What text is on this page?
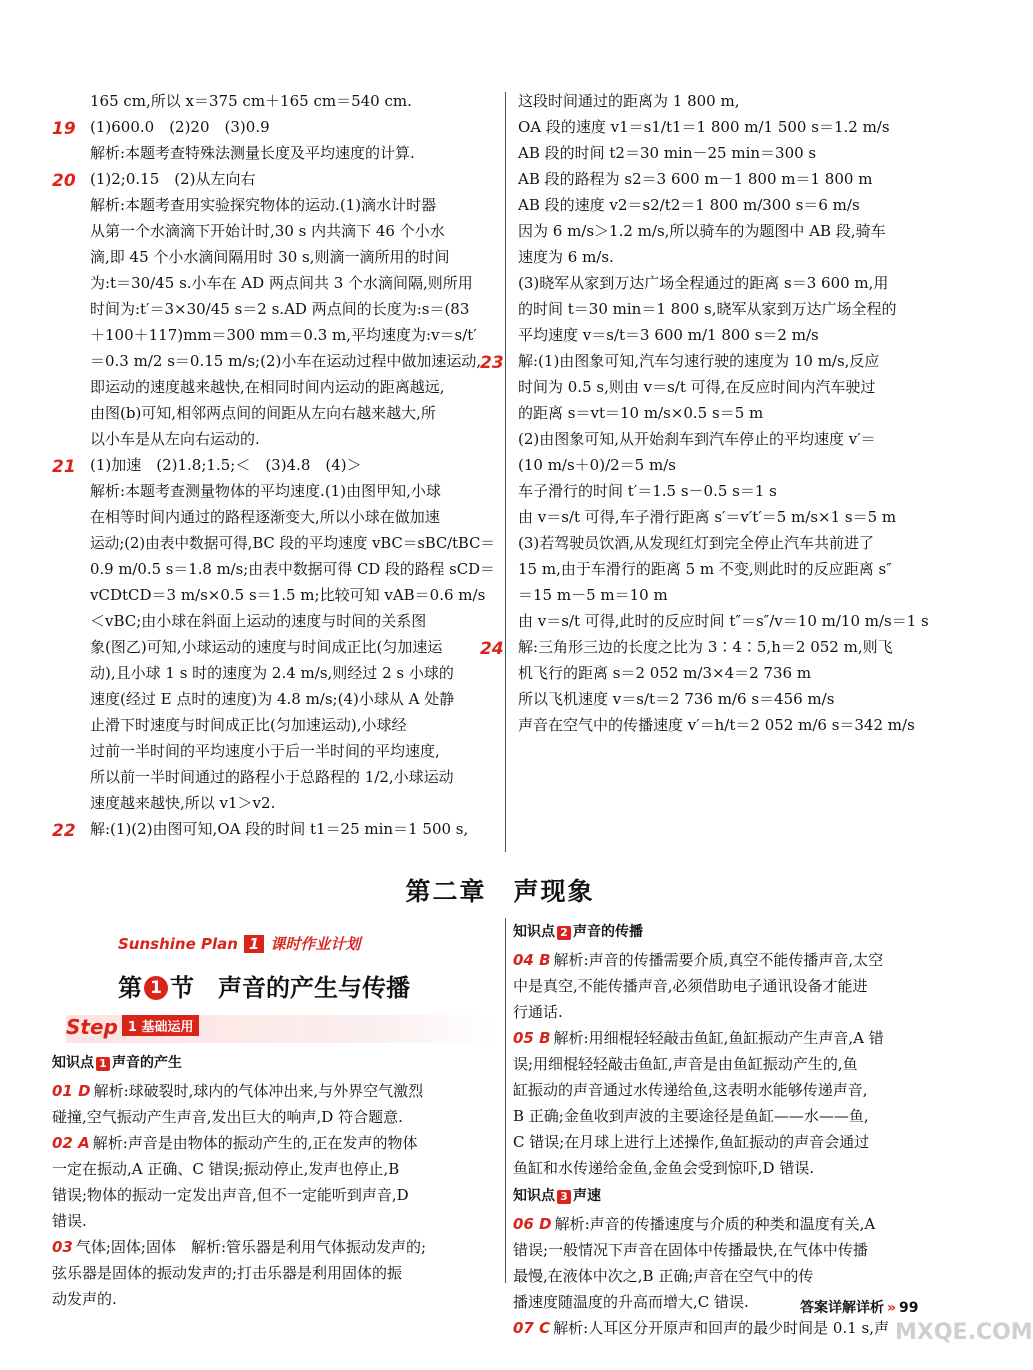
165 cm,所以 x＝375 cm＋165 cm＝540 cm.
19 (1)600.0　(2)20　(3)0.9
解析:本题考查特殊法测量长度及平均速度的计算.
20 (1)2;0.15　(2)从左向右
解析:本题考查用实验探究物体的运动.(1)滴水计时器
从第一个水滴滴下开始计时,30 s 内共滴下 46 个小水
滴,即 45 个小水滴间隔用时 30 s,则滴一滴所用的时间
为:t＝30/45 s.小车在 AD 两点间共 3 个水滴间隔,则所用
时间为:t′＝3×30/45 s＝2 s.AD 两点间的长度为:s＝(83
＋100＋117)mm＝300 mm＝0.3 m,平均速度为:v＝s/t′
＝0.3 m/2 s＝0.15 m/s;(2)小车在运动过程中做加速运动,
即运动的速度越来越快,在相同时间内运动的距离越远,
由图(b)可知,相邻两点间的间距从左向右越来越大,所
以小车是从左向右运动的.
21 (1)加速　(2)1.8;1.5;＜　(3)4.8　(4)＞
解析:本题考查测量物体的平均速度.(1)由图甲知,小球
在相等时间内通过的路程逐渐变大,所以小球在做加速
运动;(2)由表中数据可得,BC 段的平均速度 vBC＝sBC/tBC＝
0.9 m/0.5 s＝1.8 m/s;由表中数据可得 CD 段的路程 sCD＝
vCDtCD＝3 m/s×0.5 s＝1.5 m;比较可知 vAB＝0.6 m/s
＜vBC;由小球在斜面上运动的速度与时间的关系图
象(图乙)可知,小球运动的速度与时间成正比(匀加速运
动),且小球 1 s 时的速度为 2.4 m/s,则经过 2 s 小球的
速度(经过 E 点时的速度)为 4.8 m/s;(4)小球从 A 处静
止滑下时速度与时间成正比(匀加速运动),小球经
过前一半时间的平均速度小于后一半时间的平均速度,
所以前一半时间通过的路程小于总路程的 1/2,小球运动
速度越来越快,所以 v1＞v2.
22 解:(1)(2)由图可知,OA 段的时间 t1＝25 min＝1 500 s,
这段时间通过的距离为 1 800 m,
OA 段的速度 v1＝s1/t1＝1 800 m/1 500 s＝1.2 m/s
AB 段的时间 t2＝30 min－25 min＝300 s
AB 段的路程为 s2＝3 600 m－1 800 m＝1 800 m
AB 段的速度 v2＝s2/t2＝1 800 m/300 s＝6 m/s
因为 6 m/s＞1.2 m/s,所以骑车的为题图中 AB 段,骑车
速度为 6 m/s.
(3)晓军从家到万达广场全程通过的距离 s＝3 600 m,用
的时间 t＝30 min＝1 800 s,晓军从家到万达广场全程的
平均速度 v＝s/t＝3 600 m/1 800 s＝2 m/s
23 解:(1)由图象可知,汽车匀速行驶的速度为 10 m/s,反应
时间为 0.5 s,则由 v＝s/t 可得,在反应时间内汽车驶过
的距离 s＝vt＝10 m/s×0.5 s＝5 m
(2)由图象可知,从开始刹车到汽车停止的平均速度 v′＝
(10 m/s＋0)/2＝5 m/s
车子滑行的时间 t′＝1.5 s－0.5 s＝1 s
由 v＝s/t 可得,车子滑行距离 s′＝v′t′＝5 m/s×1 s＝5 m
(3)若驾驶员饮酒,从发现红灯到完全停止汽车共前进了
15 m,由于车滑行的距离 5 m 不变,则此时的反应距离 s″
＝15 m－5 m＝10 m
由 v＝s/t 可得,此时的反应时间 t″＝s″/v＝10 m/10 m/s＝1 s
24 解:三角形三边的长度之比为 3∶4∶5,h＝2 052 m,则飞
机飞行的距离 s＝2 052 m/3×4＝2 736 m
所以飞机速度 v＝s/t＝2 736 m/6 s＝456 m/s
声音在空气中的传播速度 v′＝h/t＝2 052 m/6 s＝342 m/s
第二章　声现象
Sunshine Plan 1 课时作业计划
第 1 节　声音的产生与传播
Step 1 基础运用
知识点 1 声音的产生
01 D 解析:球破裂时,球内的气体冲出来,与外界空气激烈
碰撞,空气振动产生声音,发出巨大的响声,D 符合题意.
02 A 解析:声音是由物体的振动产生的,正在发声的物体
一定在振动,A 正确、C 错误;振动停止,发声也停止,B
错误;物体的振动一定发出声音,但不一定能听到声音,D
错误.
03 气体;固体;固体　解析:管乐器是利用气体振动发声的;
弦乐器是固体的振动发声的;打击乐器是利用固体的振
动发声的.
知识点 2 声音的传播
04 B 解析:声音的传播需要介质,真空不能传播声音,太空
中是真空,不能传播声音,必须借助电子通讯设备才能进
行通话.
05 B 解析:用细棍轻轻敲击鱼缸,鱼缸振动产生声音,A 错
误;用细棍轻轻敲击鱼缸,声音是由鱼缸振动产生的,鱼
缸振动的声音通过水传递给鱼,这表明水能够传递声音,
B 正确;金鱼收到声波的主要途径是鱼缸——水——鱼,
C 错误;在月球上进行上述操作,鱼缸振动的声音会通过
鱼缸和水传递给金鱼,金鱼会受到惊吓,D 错误.
知识点 3 声速
06 D 解析:声音的传播速度与介质的种类和温度有关,A
错误;一般情况下声音在固体中传播最快,在气体中传播
最慢,在液体中次之,B 正确;声音在空气中的传
播速度随温度的升高而增大,C 错误.
07 C 解析:人耳区分开原声和回声的最少时间是 0.1 s,声
答案详解详析 » 99
MXQE.COM
